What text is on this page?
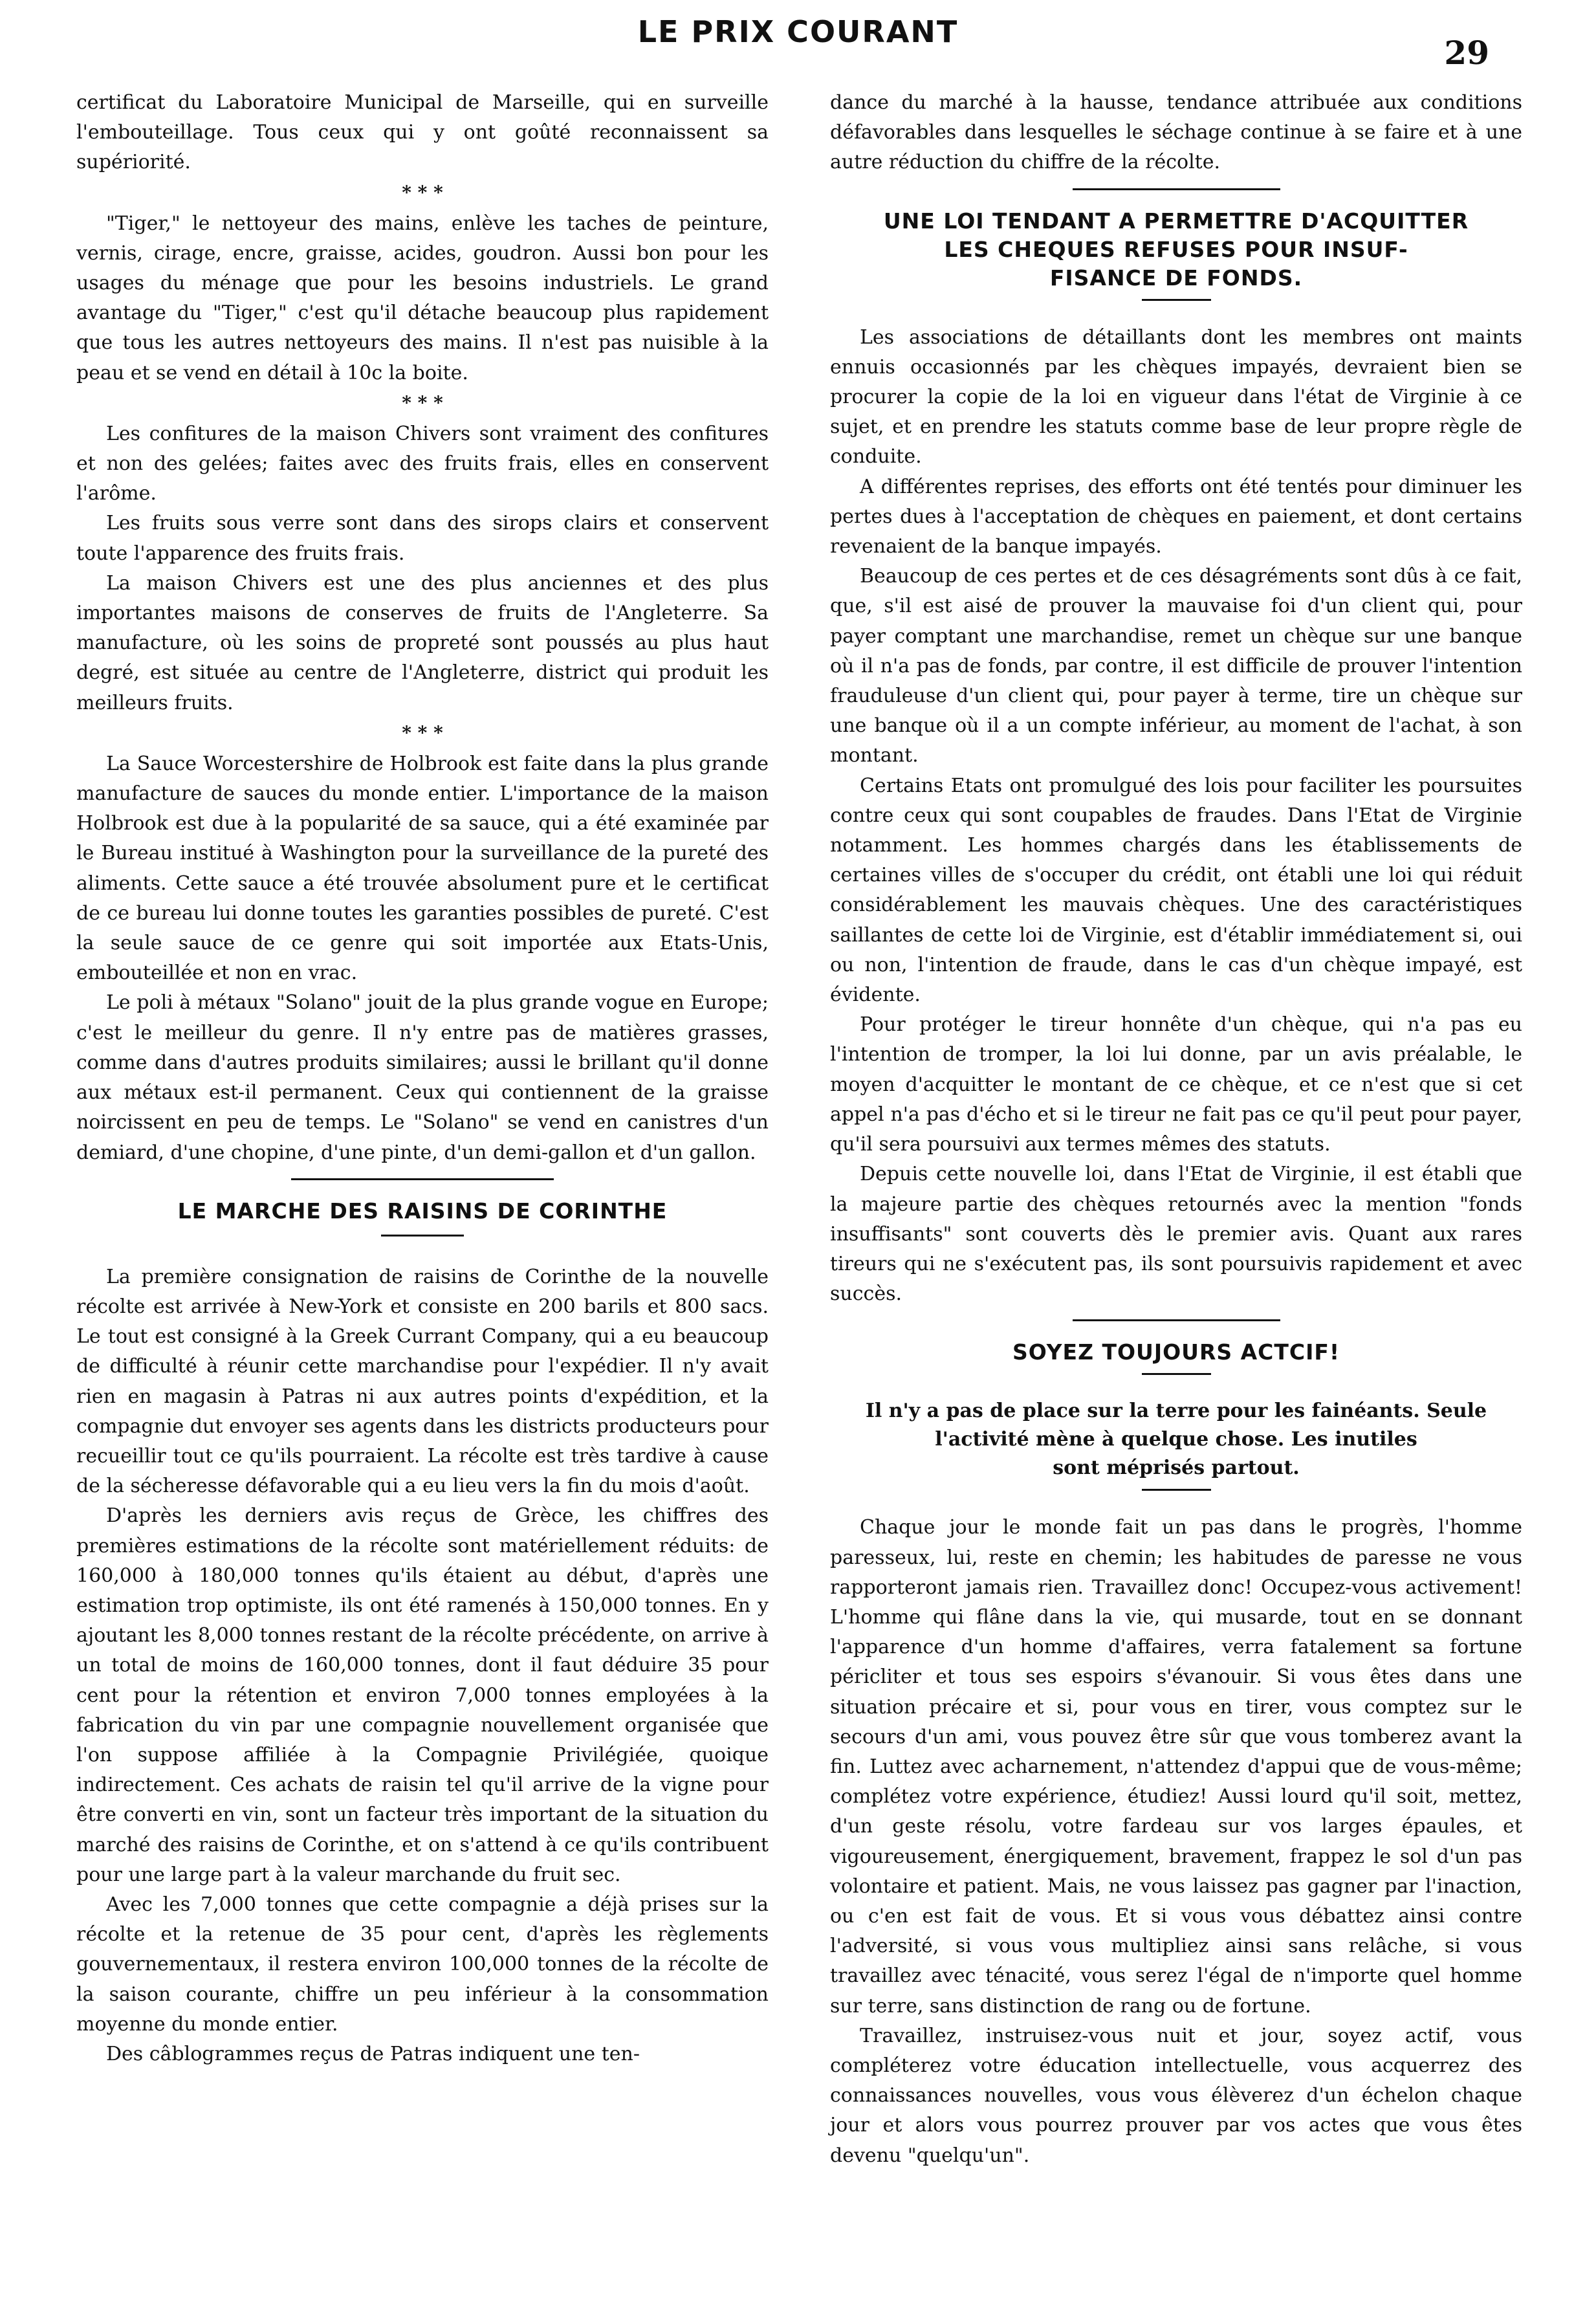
LE PRIX COURANT
29

certificat du Laboratoire Municipal de Marseille, qui en surveille l'embouteillage. Tous ceux qui y ont goûté reconnaissent sa supériorité.

* * *

"Tiger," le nettoyeur des mains, enlève les taches de peinture, vernis, cirage, encre, graisse, acides, goudron. Aussi bon pour les usages du ménage que pour les besoins industriels. Le grand avantage du "Tiger," c'est qu'il détache beaucoup plus rapidement que tous les autres nettoyeurs des mains. Il n'est pas nuisible à la peau et se vend en détail à 10c la boite.

* * *

Les confitures de la maison Chivers sont vraiment des confitures et non des gelées; faites avec des fruits frais, elles en conservent l'arôme.

Les fruits sous verre sont dans des sirops clairs et conservent toute l'apparence des fruits frais.

La maison Chivers est une des plus anciennes et des plus importantes maisons de conserves de fruits de l'Angleterre. Sa manufacture, où les soins de propreté sont poussés au plus haut degré, est située au centre de l'Angleterre, district qui produit les meilleurs fruits.

* * *

La Sauce Worcestershire de Holbrook est faite dans la plus grande manufacture de sauces du monde entier. L'importance de la maison Holbrook est due à la popularité de sa sauce, qui a été examinée par le Bureau institué à Washington pour la surveillance de la pureté des aliments. Cette sauce a été trouvée absolument pure et le certificat de ce bureau lui donne toutes les garanties possibles de pureté. C'est la seule sauce de ce genre qui soit importée aux Etats-Unis, embouteillée et non en vrac.

Le poli à métaux "Solano" jouit de la plus grande vogue en Europe; c'est le meilleur du genre. Il n'y entre pas de matières grasses, comme dans d'autres produits similaires; aussi le brillant qu'il donne aux métaux est-il permanent. Ceux qui contiennent de la graisse noircissent en peu de temps. Le "Solano" se vend en canistres d'un demiard, d'une chopine, d'une pinte, d'un demi-gallon et d'un gallon.

LE MARCHE DES RAISINS DE CORINTHE

La première consignation de raisins de Corinthe de la nouvelle récolte est arrivée à New-York et consiste en 200 barils et 800 sacs. Le tout est consigné à la Greek Currant Company, qui a eu beaucoup de difficulté à réunir cette marchandise pour l'expédier. Il n'y avait rien en magasin à Patras ni aux autres points d'expédition, et la compagnie dut envoyer ses agents dans les districts producteurs pour recueillir tout ce qu'ils pourraient. La récolte est très tardive à cause de la sécheresse défavorable qui a eu lieu vers la fin du mois d'août.

D'après les derniers avis reçus de Grèce, les chiffres des premières estimations de la récolte sont matériellement réduits: de 160,000 à 180,000 tonnes qu'ils étaient au début, d'après une estimation trop optimiste, ils ont été ramenés à 150,000 tonnes. En y ajoutant les 8,000 tonnes restant de la récolte précédente, on arrive à un total de moins de 160,000 tonnes, dont il faut déduire 35 pour cent pour la rétention et environ 7,000 tonnes employées à la fabrication du vin par une compagnie nouvellement organisée que l'on suppose affiliée à la Compagnie Privilégiée, quoique indirectement. Ces achats de raisin tel qu'il arrive de la vigne pour être converti en vin, sont un facteur très important de la situation du marché des raisins de Corinthe, et on s'attend à ce qu'ils contribuent pour une large part à la valeur marchande du fruit sec.

Avec les 7,000 tonnes que cette compagnie a déjà prises sur la récolte et la retenue de 35 pour cent, d'après les règlements gouvernementaux, il restera environ 100,000 tonnes de la récolte de la saison courante, chiffre un peu inférieur à la consommation moyenne du monde entier.

Des câblogrammes reçus de Patras indiquent une ten-

dance du marché à la hausse, tendance attribuée aux conditions défavorables dans lesquelles le séchage continue à se faire et à une autre réduction du chiffre de la récolte.

UNE LOI TENDANT A PERMETTRE D'ACQUITTER
LES CHEQUES REFUSES POUR INSUF-
FISANCE DE FONDS.

Les associations de détaillants dont les membres ont maints ennuis occasionnés par les chèques impayés, devraient bien se procurer la copie de la loi en vigueur dans l'état de Virginie à ce sujet, et en prendre les statuts comme base de leur propre règle de conduite.

A différentes reprises, des efforts ont été tentés pour diminuer les pertes dues à l'acceptation de chèques en paiement, et dont certains revenaient de la banque impayés.

Beaucoup de ces pertes et de ces désagréments sont dûs à ce fait, que, s'il est aisé de prouver la mauvaise foi d'un client qui, pour payer comptant une marchandise, remet un chèque sur une banque où il n'a pas de fonds, par contre, il est difficile de prouver l'intention frauduleuse d'un client qui, pour payer à terme, tire un chèque sur une banque où il a un compte inférieur, au moment de l'achat, à son montant.

Certains Etats ont promulgué des lois pour faciliter les poursuites contre ceux qui sont coupables de fraudes. Dans l'Etat de Virginie notamment. Les hommes chargés dans les établissements de certaines villes de s'occuper du crédit, ont établi une loi qui réduit considérablement les mauvais chèques. Une des caractéristiques saillantes de cette loi de Virginie, est d'établir immédiatement si, oui ou non, l'intention de fraude, dans le cas d'un chèque impayé, est évidente.

Pour protéger le tireur honnête d'un chèque, qui n'a pas eu l'intention de tromper, la loi lui donne, par un avis préalable, le moyen d'acquitter le montant de ce chèque, et ce n'est que si cet appel n'a pas d'écho et si le tireur ne fait pas ce qu'il peut pour payer, qu'il sera poursuivi aux termes mêmes des statuts.

Depuis cette nouvelle loi, dans l'Etat de Virginie, il est établi que la majeure partie des chèques retournés avec la mention "fonds insuffisants" sont couverts dès le premier avis. Quant aux rares tireurs qui ne s'exécutent pas, ils sont poursuivis rapidement et avec succès.

SOYEZ TOUJOURS ACTCIF!
Il n'y a pas de place sur la terre pour les fainéants. Seule
l'activité mène à quelque chose. Les inutiles
sont méprisés partout.

Chaque jour le monde fait un pas dans le progrès, l'homme paresseux, lui, reste en chemin; les habitudes de paresse ne vous rapporteront jamais rien. Travaillez donc! Occupez-vous activement! L'homme qui flâne dans la vie, qui musarde, tout en se donnant l'apparence d'un homme d'affaires, verra fatalement sa fortune péricliter et tous ses espoirs s'évanouir. Si vous êtes dans une situation précaire et si, pour vous en tirer, vous comptez sur le secours d'un ami, vous pouvez être sûr que vous tomberez avant la fin. Luttez avec acharnement, n'attendez d'appui que de vous-même; complétez votre expérience, étudiez! Aussi lourd qu'il soit, mettez, d'un geste résolu, votre fardeau sur vos larges épaules, et vigoureusement, énergiquement, bravement, frappez le sol d'un pas volontaire et patient. Mais, ne vous laissez pas gagner par l'inaction, ou c'en est fait de vous. Et si vous vous débattez ainsi contre l'adversité, si vous vous multipliez ainsi sans relâche, si vous travaillez avec ténacité, vous serez l'égal de n'importe quel homme sur terre, sans distinction de rang ou de fortune.

Travaillez, instruisez-vous nuit et jour, soyez actif, vous compléterez votre éducation intellectuelle, vous acquerrez des connaissances nouvelles, vous vous élèverez d'un échelon chaque jour et alors vous pourrez prouver par vos actes que vous êtes devenu "quelqu'un".
